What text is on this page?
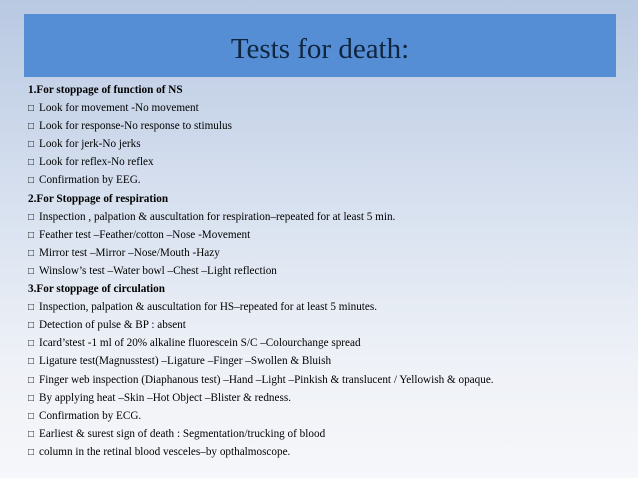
Tests for death:
1.For stoppage of function of NS
□ Look for movement -No movement
□ Look for response-No response to stimulus
□ Look for jerk-No jerks
□ Look for reflex-No reflex
□ Confirmation by EEG.
2.For Stoppage of respiration
□ Inspection , palpation & auscultation for respiration–repeated for at least 5 min.
□ Feather test –Feather/cotton –Nose -Movement
□ Mirror test –Mirror –Nose/Mouth -Hazy
□ Winslow’s test –Water bowl –Chest –Light reflection
3.For stoppage of circulation
□ Inspection, palpation & auscultation for HS–repeated for at least 5 minutes.
□ Detection of pulse & BP : absent
□ Icard’stest -1 ml of 20% alkaline fluorescein S/C –Colourchange spread
□ Ligature test(Magnusstest) –Ligature –Finger –Swollen & Bluish
□ Finger web inspection (Diaphanous test) –Hand –Light –Pinkish & translucent / Yellowish & opaque.
□ By applying heat –Skin –Hot Object –Blister & redness.
□ Confirmation by ECG.
□ Earliest & surest sign of death : Segmentation/trucking of blood
□ column in the retinal blood vesceles–by opthalmoscope.
